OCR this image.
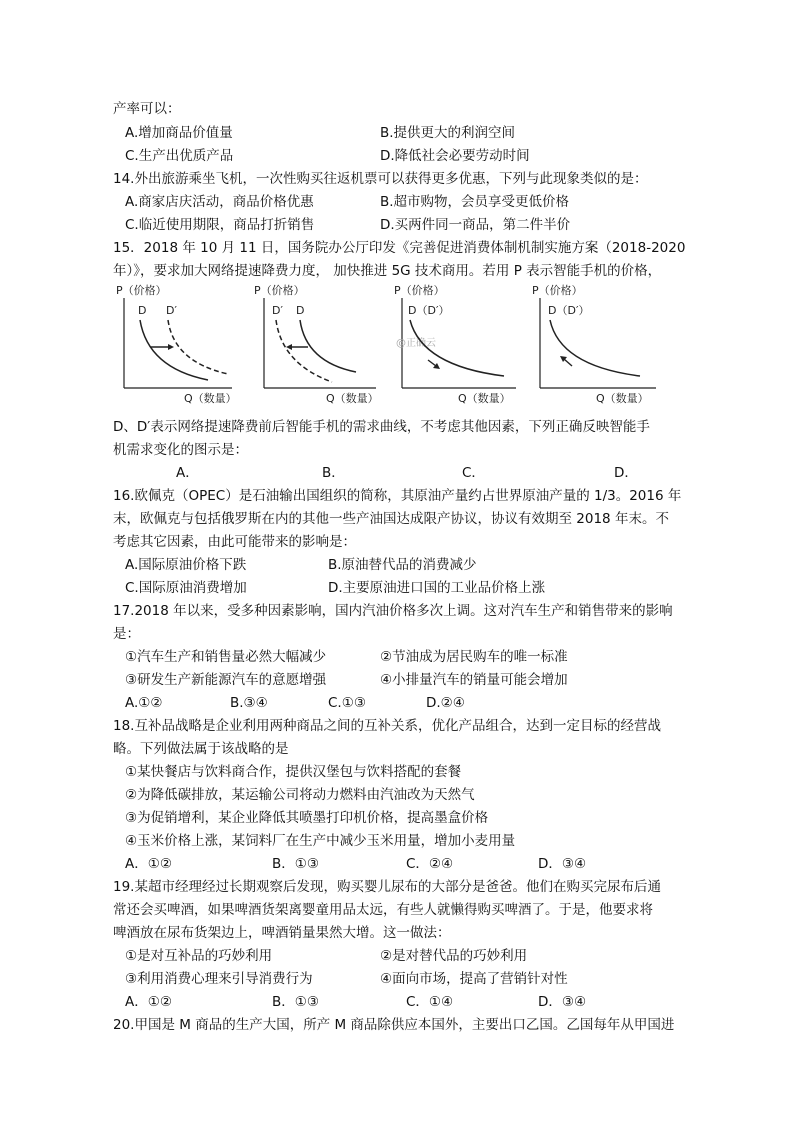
产率可以：
A.增加商品价值量	B.提供更大的利润空间
C.生产出优质产品	D.降低社会必要劳动时间
14.外出旅游乘坐飞机，一次性购买往返机票可以获得更多优惠，下列与此现象类似的是：
A.商家店庆活动，商品价格优惠	B.超市购物，会员享受更低价格
C.临近使用期限，商品打折销售	D.买两件同一商品，第二件半价
15．2018 年 10 月 11 日，国务院办公厅印发《完善促进消费体制机制实施方案（2018-2020
年）》，要求加大网络提速降费力度， 加快推进 5G 技术商用。若用 P 表示智能手机的价格，
P（价格）
Q（数量）
D D′
P（价格）
Q（数量）
D′ D
P（价格）
Q（数量）
D（D′）
@正确云
P（价格）
Q（数量）
D（D′）
D、D′表示网络提速降费前后智能手机的需求曲线，不考虑其他因素，下列正确反映智能手
机需求变化的图示是：
A．	B．	C．	D．
16.欧佩克（OPEC）是石油输出国组织的简称，其原油产量约占世界原油产量的 1/3。2016 年
末，欧佩克与包括俄罗斯在内的其他一些产油国达成限产协议，协议有效期至 2018 年末。不
考虑其它因素，由此可能带来的影响是：
A.国际原油价格下跌	B.原油替代品的消费减少
C.国际原油消费增加	D.主要原油进口国的工业品价格上涨
17.2018 年以来，受多种因素影响，国内汽油价格多次上调。这对汽车生产和销售带来的影响
是：
①汽车生产和销售量必然大幅减少	②节油成为居民购车的唯一标准
③研发生产新能源汽车的意愿增强	④小排量汽车的销量可能会增加
A.①②	B.③④	C.①③	D.②④
18.互补品战略是企业利用两种商品之间的互补关系，优化产品组合，达到一定目标的经营战
略。下列做法属于该战略的是
①某快餐店与饮料商合作，提供汉堡包与饮料搭配的套餐
②为降低碳排放，某运输公司将动力燃料由汽油改为天然气
③为促销增利，某企业降低其喷墨打印机价格，提高墨盒价格
④玉米价格上涨，某饲料厂在生产中减少玉米用量，增加小麦用量
A．①②	B．①③	C．②④	D．③④
19.某超市经理经过长期观察后发现，购买婴儿尿布的大部分是爸爸。他们在购买完尿布后通
常还会买啤酒，如果啤酒货架离婴童用品太远，有些人就懒得购买啤酒了。于是，他要求将
啤酒放在尿布货架边上，啤酒销量果然大增。这一做法：
①是对互补品的巧妙利用	②是对替代品的巧妙利用
③利用消费心理来引导消费行为	④面向市场，提高了营销针对性
A．①②	B．①③	C．①④	D．③④
20.甲国是 M 商品的生产大国，所产 M 商品除供应本国外，主要出口乙国。乙国每年从甲国进
